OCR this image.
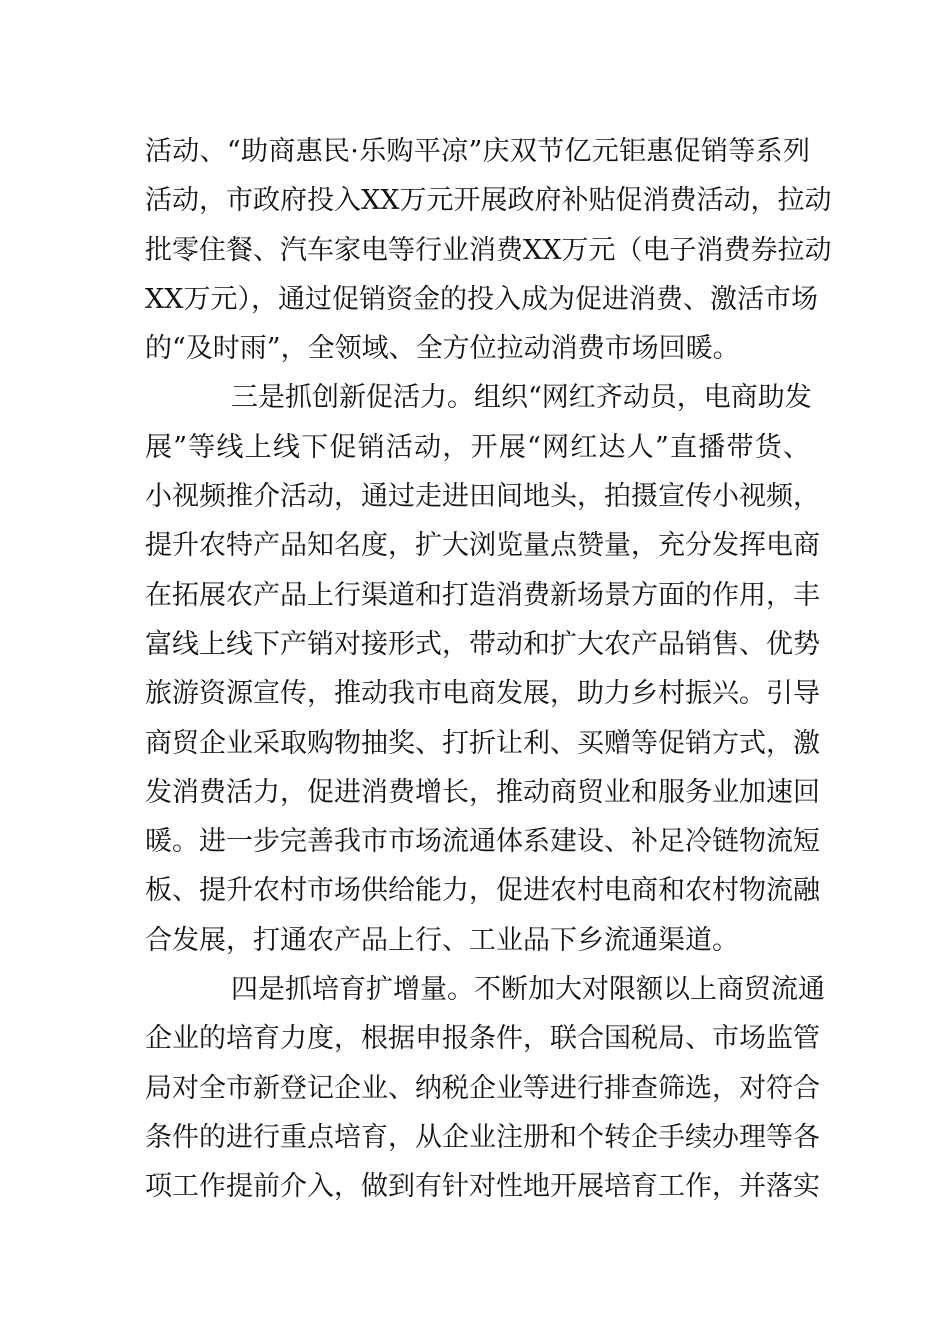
活动、“助商惠民·乐购平凉”庆双节亿元钜惠促销等系列
活动，市政府投入XX万元开展政府补贴促消费活动，拉动
批零住餐、汽车家电等行业消费XX万元（电子消费券拉动
XX万元），通过促销资金的投入成为促进消费、激活市场
的“及时雨”，全领域、全方位拉动消费市场回暖。
三是抓创新促活力。组织“网红齐动员，电商助发
展”等线上线下促销活动，开展“网红达人”直播带货、
小视频推介活动，通过走进田间地头，拍摄宣传小视频，
提升农特产品知名度，扩大浏览量点赞量，充分发挥电商
在拓展农产品上行渠道和打造消费新场景方面的作用，丰
富线上线下产销对接形式，带动和扩大农产品销售、优势
旅游资源宣传，推动我市电商发展，助力乡村振兴。引导
商贸企业采取购物抽奖、打折让利、买赠等促销方式，激
发消费活力，促进消费增长，推动商贸业和服务业加速回
暖。进一步完善我市市场流通体系建设、补足冷链物流短
板、提升农村市场供给能力，促进农村电商和农村物流融
合发展，打通农产品上行、工业品下乡流通渠道。
四是抓培育扩增量。不断加大对限额以上商贸流通
企业的培育力度，根据申报条件，联合国税局、市场监管
局对全市新登记企业、纳税企业等进行排查筛选，对符合
条件的进行重点培育，从企业注册和个转企手续办理等各
项工作提前介入，做到有针对性地开展培育工作，并落实
